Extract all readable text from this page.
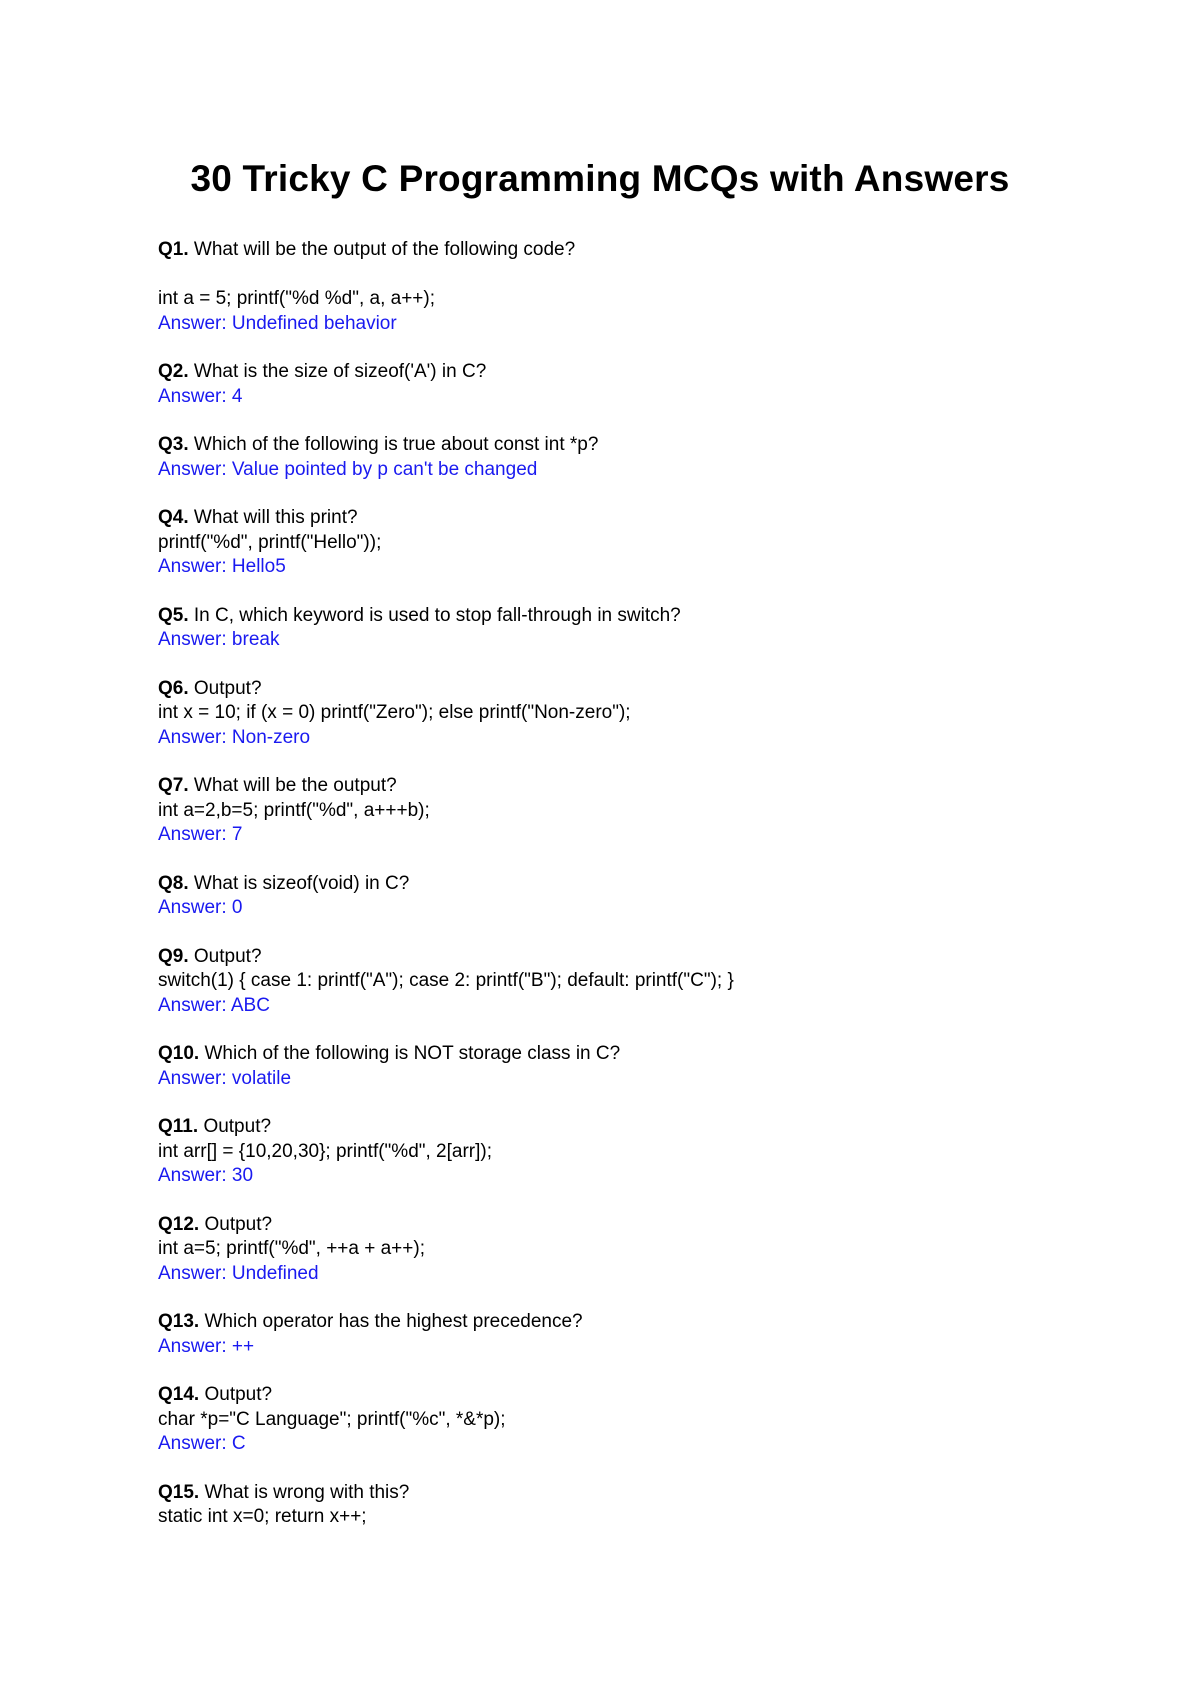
30 Tricky C Programming MCQs with Answers
Q1. What will be the output of the following code?
int a = 5; printf("%d %d", a, a++);
Answer: Undefined behavior
Q2. What is the size of sizeof('A') in C?
Answer: 4
Q3. Which of the following is true about const int *p?
Answer: Value pointed by p can't be changed
Q4. What will this print?
printf("%d", printf("Hello"));
Answer: Hello5
Q5. In C, which keyword is used to stop fall-through in switch?
Answer: break
Q6. Output?
int x = 10; if (x = 0) printf("Zero"); else printf("Non-zero");
Answer: Non-zero
Q7. What will be the output?
int a=2,b=5; printf("%d", a+++b);
Answer: 7
Q8. What is sizeof(void) in C?
Answer: 0
Q9. Output?
switch(1) { case 1: printf("A"); case 2: printf("B"); default: printf("C"); }
Answer: ABC
Q10. Which of the following is NOT storage class in C?
Answer: volatile
Q11. Output?
int arr[] = {10,20,30}; printf("%d", 2[arr]);
Answer: 30
Q12. Output?
int a=5; printf("%d", ++a + a++);
Answer: Undefined
Q13. Which operator has the highest precedence?
Answer: ++
Q14. Output?
char *p="C Language"; printf("%c", *&*p);
Answer: C
Q15. What is wrong with this?
static int x=0; return x++;
